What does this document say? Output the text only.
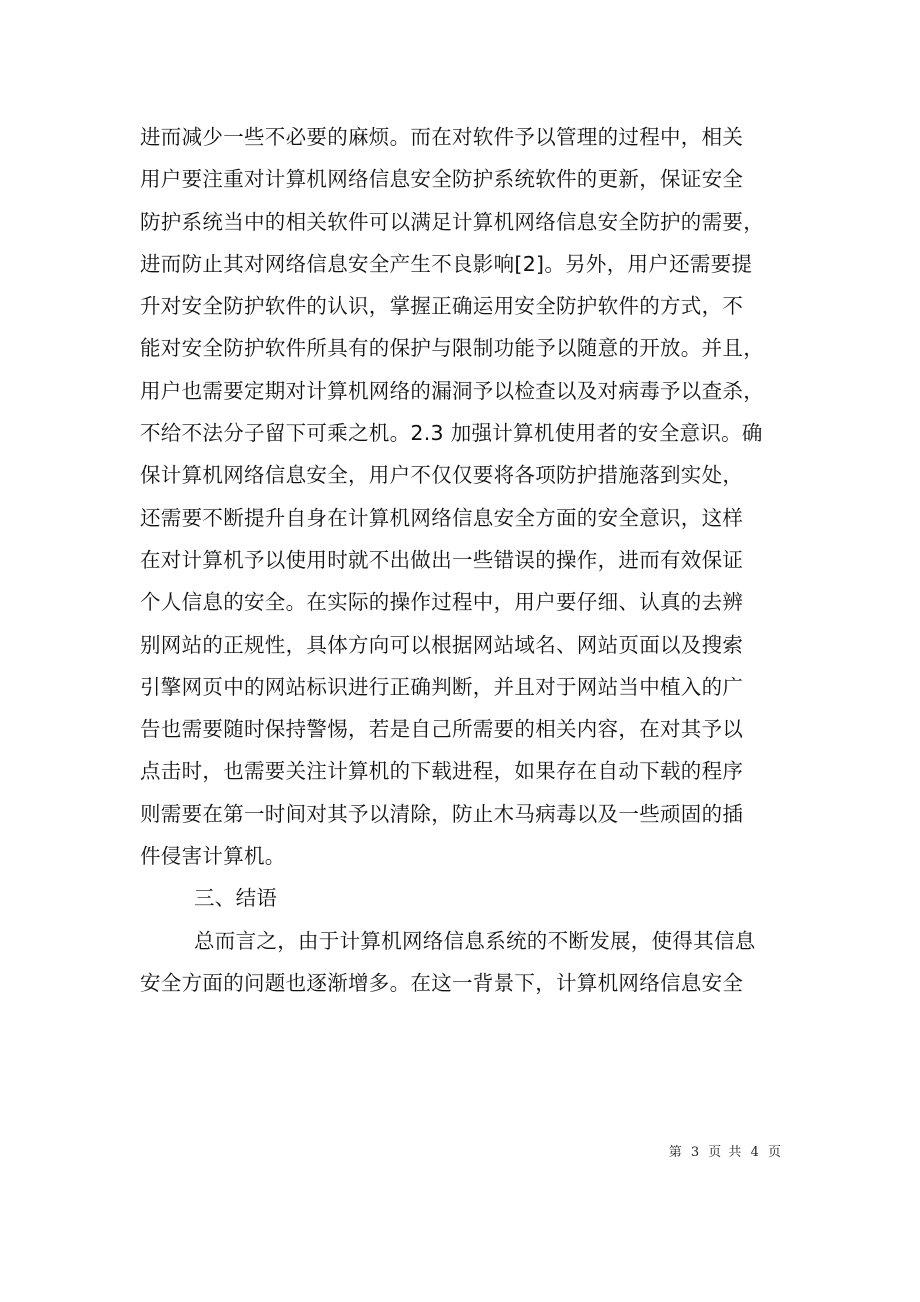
进而减少一些不必要的麻烦。而在对软件予以管理的过程中，相关
用户要注重对计算机网络信息安全防护系统软件的更新，保证安全
防护系统当中的相关软件可以满足计算机网络信息安全防护的需要，
进而防止其对网络信息安全产生不良影响[2]。另外，用户还需要提
升对安全防护软件的认识，掌握正确运用安全防护软件的方式，不
能对安全防护软件所具有的保护与限制功能予以随意的开放。并且，
用户也需要定期对计算机网络的漏洞予以检查以及对病毒予以查杀，
不给不法分子留下可乘之机。2.3 加强计算机使用者的安全意识。确
保计算机网络信息安全，用户不仅仅要将各项防护措施落到实处，
还需要不断提升自身在计算机网络信息安全方面的安全意识，这样
在对计算机予以使用时就不出做出一些错误的操作，进而有效保证
个人信息的安全。在实际的操作过程中，用户要仔细、认真的去辨
别网站的正规性，具体方向可以根据网站域名、网站页面以及搜索
引擎网页中的网站标识进行正确判断，并且对于网站当中植入的广
告也需要随时保持警惕，若是自己所需要的相关内容，在对其予以
点击时，也需要关注计算机的下载进程，如果存在自动下载的程序
则需要在第一时间对其予以清除，防止木马病毒以及一些顽固的插
件侵害计算机。
三、结语
总而言之，由于计算机网络信息系统的不断发展，使得其信息
安全方面的问题也逐渐增多。在这一背景下，计算机网络信息安全
第 3 页 共 4 页
